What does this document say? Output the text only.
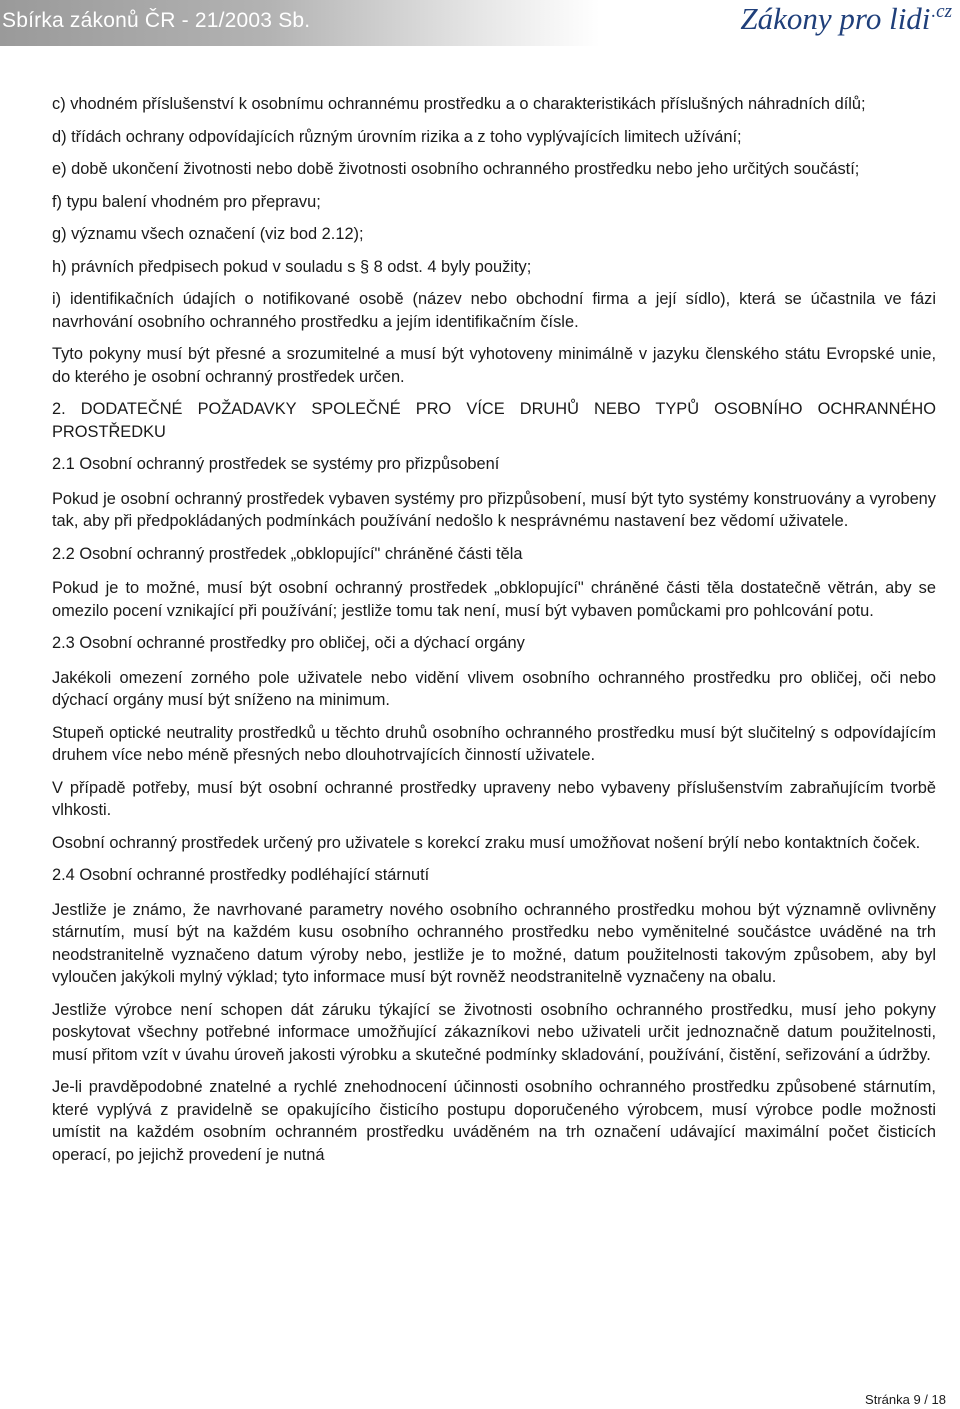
Sbírka zákonů ČR - 21/2003 Sb.	Zákony pro lidi$^{.cz}$

c) vhodném příslušenství k osobnímu ochrannému prostředku a o charakteristikách příslušných náhradních dílů;

d) třídách ochrany odpovídajících různým úrovním rizika a z toho vyplývajících limitech užívání;

e) době ukončení životnosti nebo době životnosti osobního ochranného prostředku nebo jeho určitých součástí;

f) typu balení vhodném pro přepravu;

g) významu všech označení (viz bod 2.12);

h) právních předpisech pokud v souladu s § 8 odst. 4 byly použity;

i) identifikačních údajích o notifikované osobě (název nebo obchodní firma a její sídlo), která se účastnila ve fázi navrhování osobního ochranného prostředku a jejím identifikačním čísle.

Tyto pokyny musí být přesné a srozumitelné a musí být vyhotoveny minimálně v jazyku členského státu Evropské unie, do kterého je osobní ochranný prostředek určen.

2. DODATEČNÉ POŽADAVKY SPOLEČNÉ PRO VÍCE DRUHŮ NEBO TYPŮ OSOBNÍHO OCHRANNÉHO PROSTŘEDKU

2.1 Osobní ochranný prostředek se systémy pro přizpůsobení

Pokud je osobní ochranný prostředek vybaven systémy pro přizpůsobení, musí být tyto systémy konstruovány a vyrobeny tak, aby při předpokládaných podmínkách používání nedošlo k nesprávnému nastavení bez vědomí uživatele.

2.2 Osobní ochranný prostředek „obklopující" chráněné části těla

Pokud je to možné, musí být osobní ochranný prostředek „obklopující" chráněné části těla dostatečně větrán, aby se omezilo pocení vznikající při používání; jestliže tomu tak není, musí být vybaven pomůckami pro pohlcování potu.

2.3 Osobní ochranné prostředky pro obličej, oči a dýchací orgány

Jakékoli omezení zorného pole uživatele nebo vidění vlivem osobního ochranného prostředku pro obličej, oči nebo dýchací orgány musí být sníženo na minimum.

Stupeň optické neutrality prostředků u těchto druhů osobního ochranného prostředku musí být slučitelný s odpovídajícím druhem více nebo méně přesných nebo dlouhotrvajících činností uživatele.

V případě potřeby, musí být osobní ochranné prostředky upraveny nebo vybaveny příslušenstvím zabraňujícím tvorbě vlhkosti.

Osobní ochranný prostředek určený pro uživatele s korekcí zraku musí umožňovat nošení brýlí nebo kontaktních čoček.

2.4 Osobní ochranné prostředky podléhající stárnutí

Jestliže je známo, že navrhované parametry nového osobního ochranného prostředku mohou být významně ovlivněny stárnutím, musí být na každém kusu osobního ochranného prostředku nebo vyměnitelné součástce uváděné na trh neodstranitelně vyznačeno datum výroby nebo, jestliže je to možné, datum použitelnosti takovým způsobem, aby byl vyloučen jakýkoli mylný výklad; tyto informace musí být rovněž neodstranitelně vyznačeny na obalu.

Jestliže výrobce není schopen dát záruku týkající se životnosti osobního ochranného prostředku, musí jeho pokyny poskytovat všechny potřebné informace umožňující zákazníkovi nebo uživateli určit jednoznačně datum použitelnosti, musí přitom vzít v úvahu úroveň jakosti výrobku a skutečné podmínky skladování, používání, čistění, seřizování a údržby.

Je-li pravděpodobné znatelné a rychlé znehodnocení účinnosti osobního ochranného prostředku způsobené stárnutím, které vyplývá z pravidelně se opakujícího čisticího postupu doporučeného výrobcem, musí výrobce podle možnosti umístit na každém osobním ochranném prostředku uváděném na trh označení udávající maximální počet čisticích operací, po jejichž provedení je nutná

Stránka 9 / 18
